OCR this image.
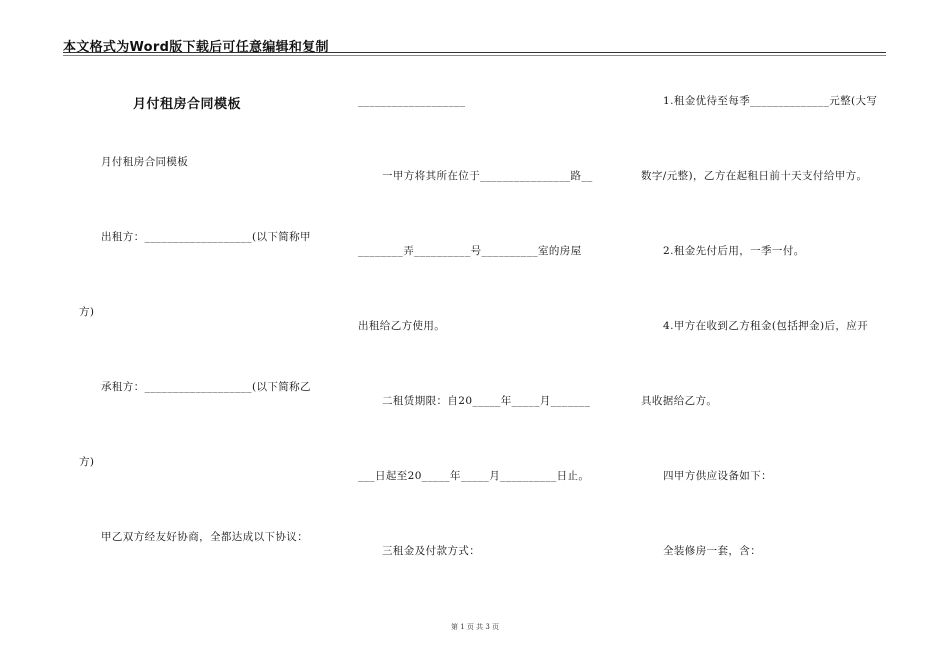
本文格式为Word版下载后可任意编辑和复制
月付租房合同模板
月付租房合同模板
出租方：___________________(以下简称甲
方)
承租方：___________________(以下简称乙
方)
甲乙双方经友好协商，全都达成以下协议：
___________________
一甲方将其所在位于________________路__
________弄__________号__________室的房屋
出租给乙方使用。
二租赁期限：自20_____年_____月_______
___日起至20_____年_____月__________日止。
三租金及付款方式：
1.租金优待至每季______________元整(大写
数字/元整)，乙方在起租日前十天支付给甲方。
2.租金先付后用，一季一付。
4.甲方在收到乙方租金(包括押金)后，应开
具收据给乙方。
四甲方供应设备如下：
全装修房一套，含：
第 1 页 共 3 页
